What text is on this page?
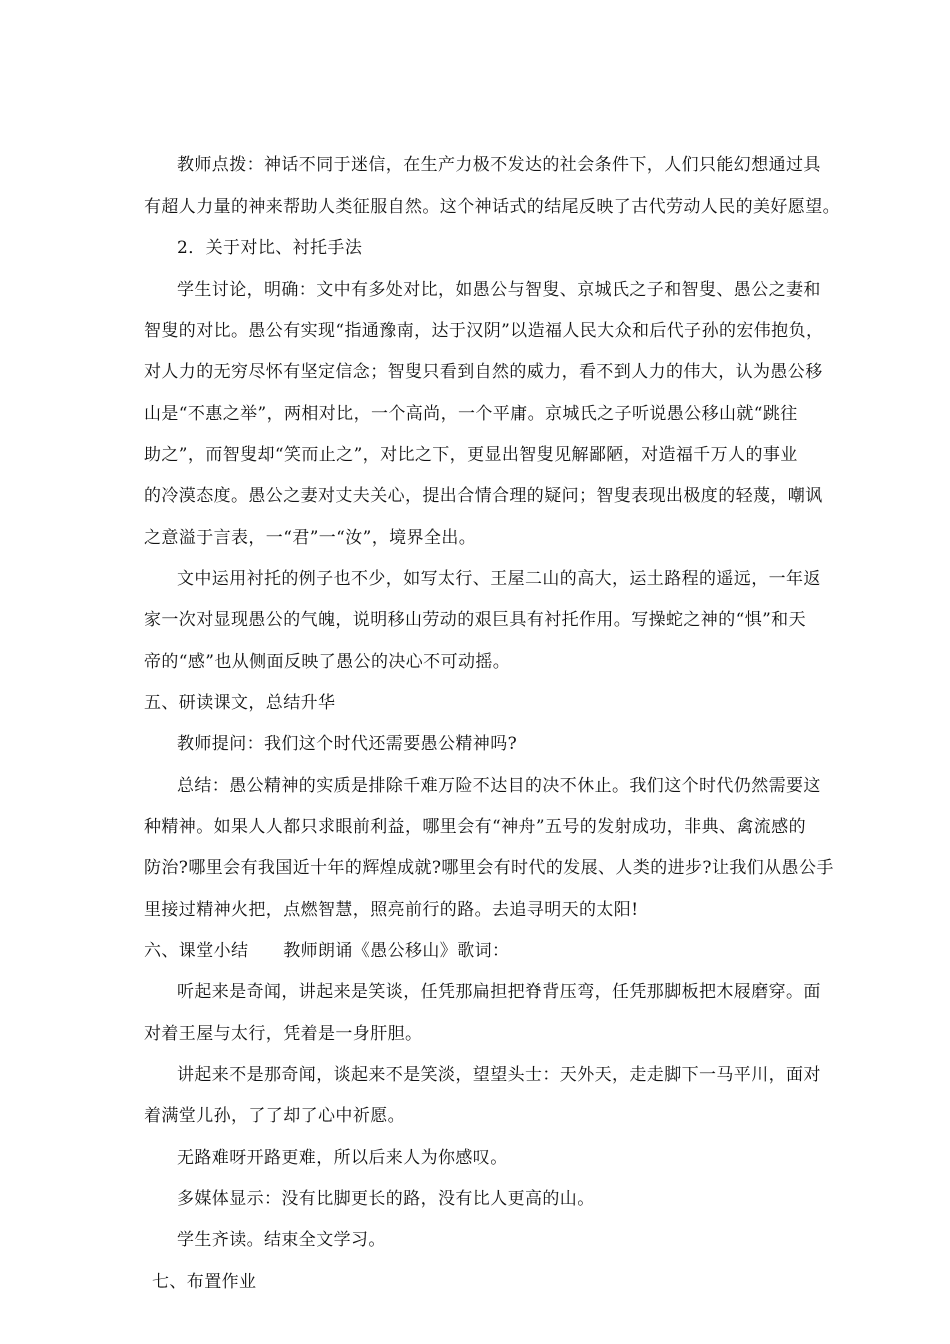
教师点拨：神话不同于迷信，在生产力极不发达的社会条件下，人们只能幻想通过具
有超人力量的神来帮助人类征服自然。这个神话式的结尾反映了古代劳动人民的美好愿望。
2．关于对比、衬托手法
学生讨论，明确：文中有多处对比，如愚公与智叟、京城氏之子和智叟、愚公之妻和
智叟的对比。愚公有实现“指通豫南，达于汉阴”以造福人民大众和后代子孙的宏伟抱负，
对人力的无穷尽怀有坚定信念；智叟只看到自然的威力，看不到人力的伟大，认为愚公移
山是“不惠之举”，两相对比，一个高尚，一个平庸。京城氏之子听说愚公移山就“跳往
助之”，而智叟却“笑而止之”，对比之下，更显出智叟见解鄙陋，对造福千万人的事业
的冷漠态度。愚公之妻对丈夫关心，提出合情合理的疑问；智叟表现出极度的轻蔑，嘲讽
之意溢于言表，一“君”一“汝”，境界全出。
文中运用衬托的例子也不少，如写太行、王屋二山的高大，运土路程的遥远，一年返
家一次对显现愚公的气魄，说明移山劳动的艰巨具有衬托作用。写操蛇之神的“惧”和天
帝的“感”也从侧面反映了愚公的决心不可动摇。
五、研读课文，总结升华
教师提问：我们这个时代还需要愚公精神吗?
总结：愚公精神的实质是排除千难万险不达目的决不休止。我们这个时代仍然需要这
种精神。如果人人都只求眼前利益，哪里会有“神舟”五号的发射成功，非典、禽流感的
防治?哪里会有我国近十年的辉煌成就?哪里会有时代的发展、人类的进步?让我们从愚公手
里接过精神火把，点燃智慧，照亮前行的路。去追寻明天的太阳!
六、课堂小结　　教师朗诵《愚公移山》歌词：
听起来是奇闻，讲起来是笑谈，任凭那扁担把脊背压弯，任凭那脚板把木屐磨穿。面
对着王屋与太行，凭着是一身肝胆。
讲起来不是那奇闻，谈起来不是笑淡，望望头士：天外天，走走脚下一马平川，面对
着满堂儿孙，了了却了心中祈愿。
无路难呀开路更难，所以后来人为你感叹。
多媒体显示：没有比脚更长的路，没有比人更高的山。
学生齐读。结束全文学习。
七、布置作业
